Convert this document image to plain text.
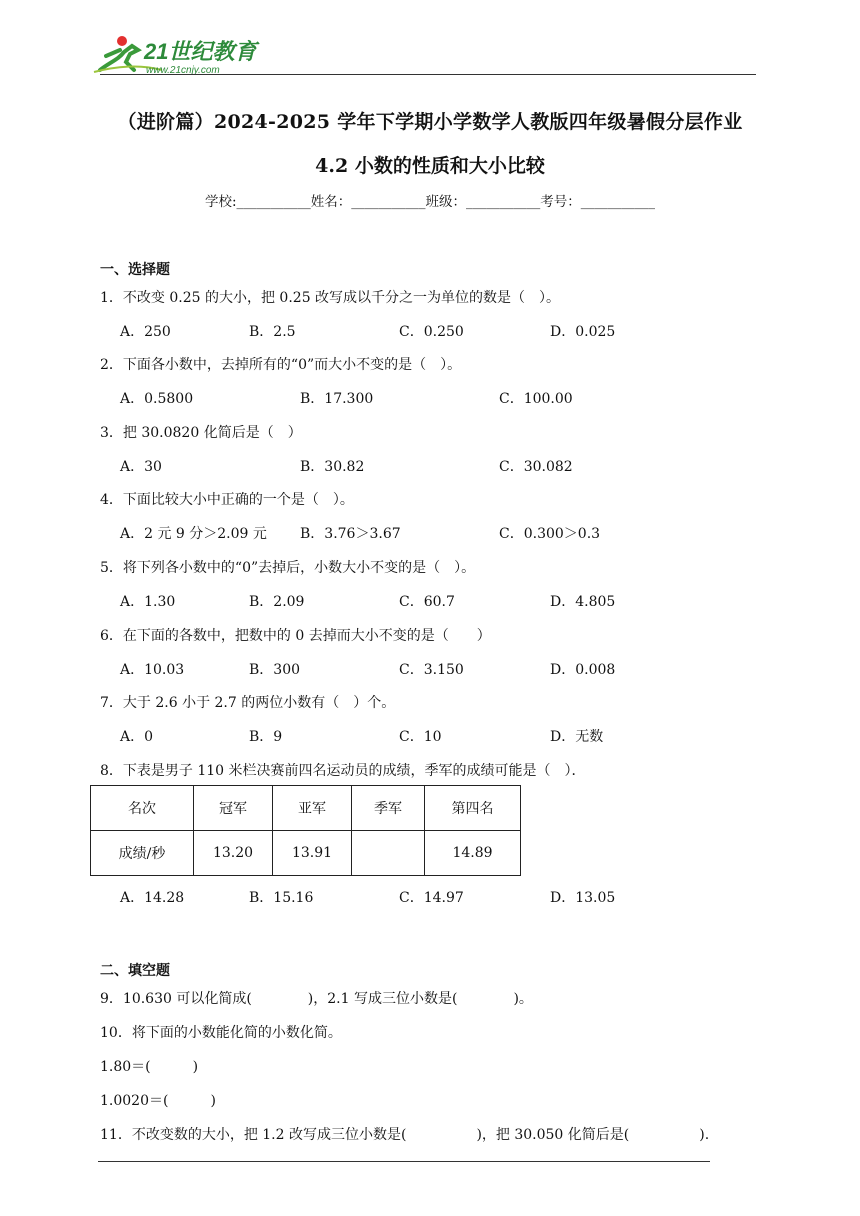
21世纪教育
www.21cnjy.com
（进阶篇）2024-2025 学年下学期小学数学人教版四年级暑假分层作业
4.2 小数的性质和大小比较
学校:___________姓名：___________班级：___________考号：___________
一、选择题
1．不改变 0.25 的大小，把 0.25 改写成以千分之一为单位的数是（　）。
A．250	B．2.5	C．0.250	D．0.025
2．下面各小数中，去掉所有的“0”而大小不变的是（　）。
A．0.5800	B．17.300	C．100.00
3．把 30.0820 化简后是（　）
A．30	B．30.82	C．30.082
4．下面比较大小中正确的一个是（　）。
A．2 元 9 分＞2.09 元 B．3.76＞3.67	C．0.300＞0.3
5．将下列各小数中的“0”去掉后，小数大小不变的是（　）。
A．1.30	B．2.09	C．60.7	D．4.805
6．在下面的各数中，把数中的 0 去掉而大小不变的是（　　）
A．10.03	B．300	C．3.150	D．0.008
7．大于 2.6 小于 2.7 的两位小数有（　）个。
A．0	B．9	C．10	D．无数
8．下表是男子 110 米栏决赛前四名运动员的成绩，季军的成绩可能是（　）．
名次	冠军	亚军	季军	第四名
成绩/秒	13.20	13.91		14.89
A．14.28	B．15.16	C．14.97	D．13.05
二、填空题
9．10.630 可以化简成(　　　　)，2.1 写成三位小数是(　　　　)。
10．将下面的小数能化简的小数化简。
1.80＝(　　　)
1.0020＝(　　　)
11．不改变数的大小，把 1.2 改写成三位小数是(　　　　　)，把 30.050 化简后是(　　　　　).
